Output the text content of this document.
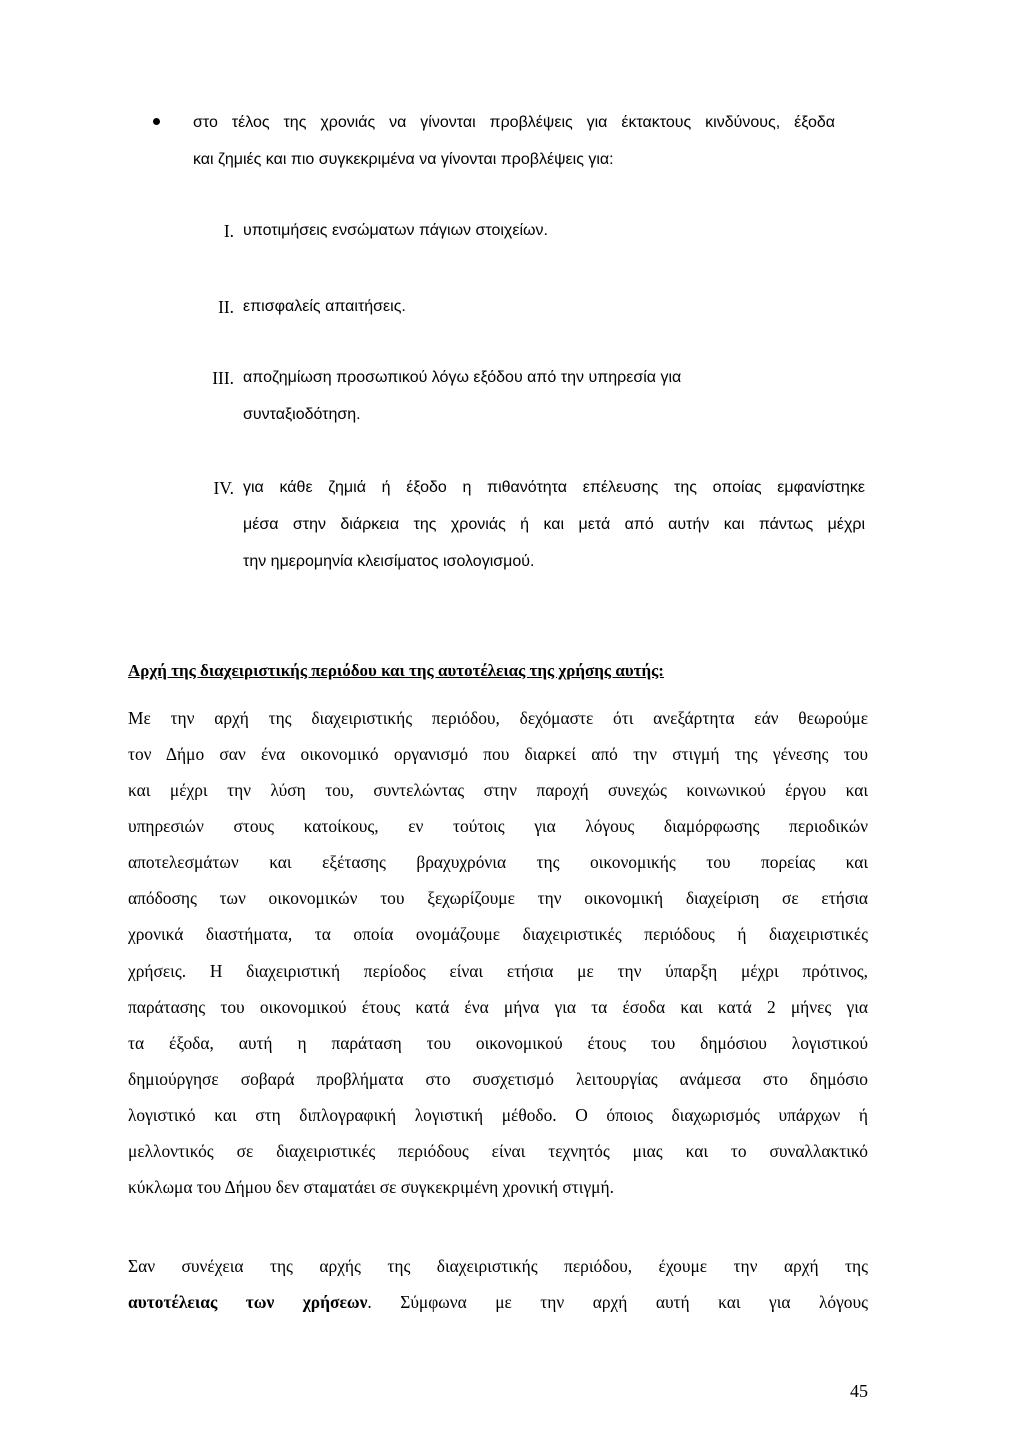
στο τέλος της χρονιάς να γίνονται προβλέψεις για έκτακτους κινδύνους, έξοδα
και ζημιές και πιο συγκεκριμένα να γίνονται προβλέψεις για:
I. υποτιμήσεις ενσώματων πάγιων στοιχείων.
II. επισφαλείς απαιτήσεις.
III. αποζημίωση προσωπικού λόγω εξόδου από την υπηρεσία για
συνταξιοδότηση.
IV. για κάθε ζημιά ή έξοδο η πιθανότητα επέλευσης της οποίας εμφανίστηκε
μέσα στην διάρκεια της χρονιάς ή και μετά από αυτήν και πάντως μέχρι
την ημερομηνία κλεισίματος ισολογισμού.
Αρχή της διαχειριστικής περιόδου και της αυτοτέλειας της χρήσης αυτής:
Με την αρχή της διαχειριστικής περιόδου, δεχόμαστε ότι ανεξάρτητα εάν θεωρούμε
τον Δήμο σαν ένα οικονομικό οργανισμό που διαρκεί από την στιγμή της γένεσης του
και μέχρι την λύση του, συντελώντας στην παροχή συνεχώς κοινωνικού έργου και
υπηρεσιών στους κατοίκους, εν τούτοις για λόγους διαμόρφωσης περιοδικών
αποτελεσμάτων και εξέτασης βραχυχρόνια της οικονομικής του πορείας και
απόδοσης των οικονομικών του ξεχωρίζουμε την οικονομική διαχείριση σε ετήσια
χρονικά διαστήματα, τα οποία ονομάζουμε διαχειριστικές περιόδους ή διαχειριστικές
χρήσεις. Η διαχειριστική περίοδος είναι ετήσια με την ύπαρξη μέχρι πρότινος,
παράτασης του οικονομικού έτους κατά ένα μήνα για τα έσοδα και κατά 2 μήνες για
τα έξοδα, αυτή η παράταση του οικονομικού έτους του δημόσιου λογιστικού
δημιούργησε σοβαρά προβλήματα στο συσχετισμό λειτουργίας ανάμεσα στο δημόσιο
λογιστικό και στη διπλογραφική λογιστική μέθοδο. Ο όποιος διαχωρισμός υπάρχων ή
μελλοντικός σε διαχειριστικές περιόδους είναι τεχνητός μιας και το συναλλακτικό
κύκλωμα του Δήμου δεν σταματάει σε συγκεκριμένη χρονική στιγμή.
Σαν συνέχεια της αρχής της διαχειριστικής περιόδου, έχουμε την αρχή της
αυτοτέλειας των χρήσεων. Σύμφωνα με την αρχή αυτή και για λόγους
45
